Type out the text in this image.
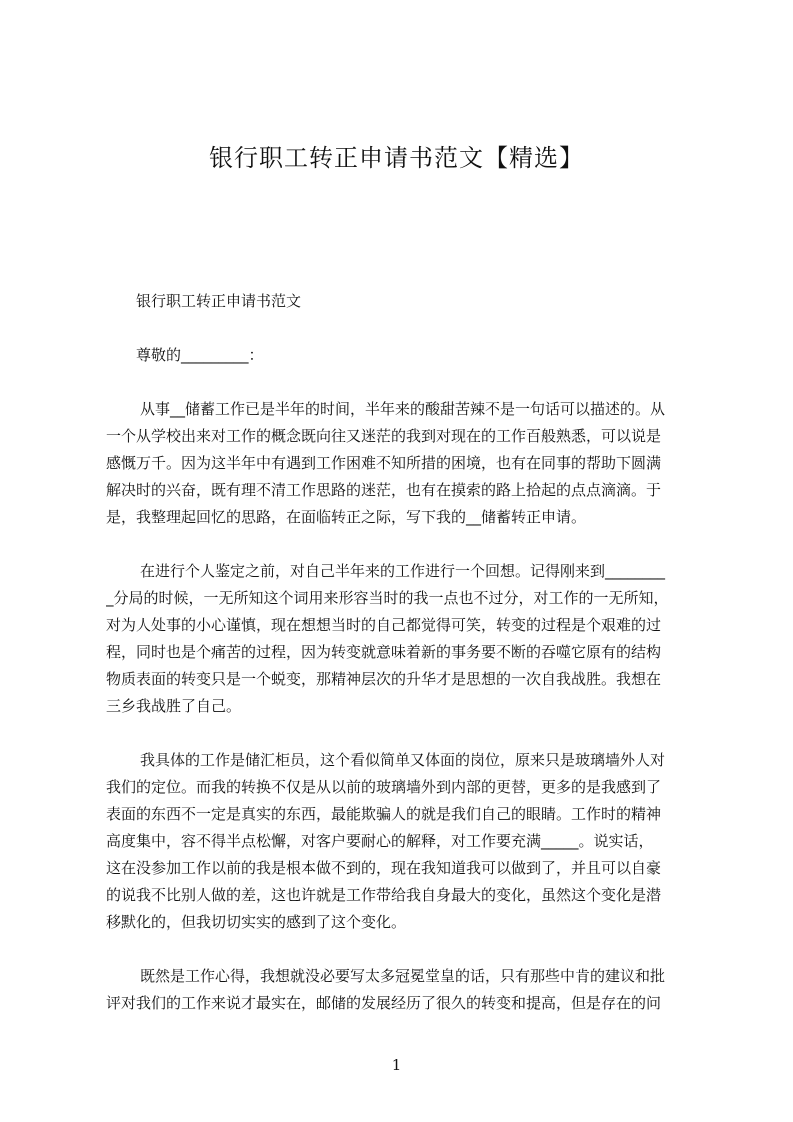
银行职工转正申请书范文【精选】
银行职工转正申请书范文
尊敬的_________：
从事__储蓄工作已是半年的时间，半年来的酸甜苦辣不是一句话可以描述的。从
一个从学校出来对工作的概念既向往又迷茫的我到对现在的工作百般熟悉，可以说是
感慨万千。因为这半年中有遇到工作困难不知所措的困境，也有在同事的帮助下圆满
解决时的兴奋，既有理不清工作思路的迷茫，也有在摸索的路上拾起的点点滴滴。于
是，我整理起回忆的思路，在面临转正之际，写下我的__储蓄转正申请。
在进行个人鉴定之前，对自己半年来的工作进行一个回想。记得刚来到________
_分局的时候，一无所知这个词用来形容当时的我一点也不过分，对工作的一无所知，
对为人处事的小心谨慎，现在想想当时的自己都觉得可笑，转变的过程是个艰难的过
程，同时也是个痛苦的过程，因为转变就意味着新的事务要不断的吞噬它原有的结构
物质表面的转变只是一个蜕变，那精神层次的升华才是思想的一次自我战胜。我想在
三乡我战胜了自己。
我具体的工作是储汇柜员，这个看似简单又体面的岗位，原来只是玻璃墙外人对
我们的定位。而我的转换不仅是从以前的玻璃墙外到内部的更替，更多的是我感到了
表面的东西不一定是真实的东西，最能欺骗人的就是我们自己的眼睛。工作时的精神
高度集中，容不得半点松懈，对客户要耐心的解释，对工作要充满_____。说实话，
这在没参加工作以前的我是根本做不到的，现在我知道我可以做到了，并且可以自豪
的说我不比别人做的差，这也许就是工作带给我自身最大的变化，虽然这个变化是潜
移默化的，但我切切实实的感到了这个变化。
既然是工作心得，我想就没必要写太多冠冕堂皇的话，只有那些中肯的建议和批
评对我们的工作来说才最实在，邮储的发展经历了很久的转变和提高，但是存在的问
1
